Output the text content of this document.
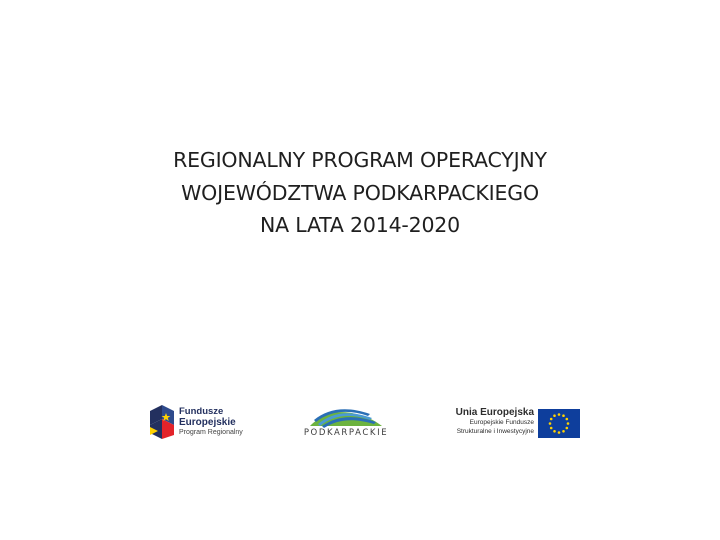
REGIONALNY PROGRAM OPERACYJNY
WOJEWÓDZTWA PODKARPACKIEGO
NA LATA 2014-2020
Fundusze
Europejskie
Program Regionalny	PODKARPACKIE
Unia Europejska
Europejskie Fundusze
Strukturalne i Inwestycyjne
